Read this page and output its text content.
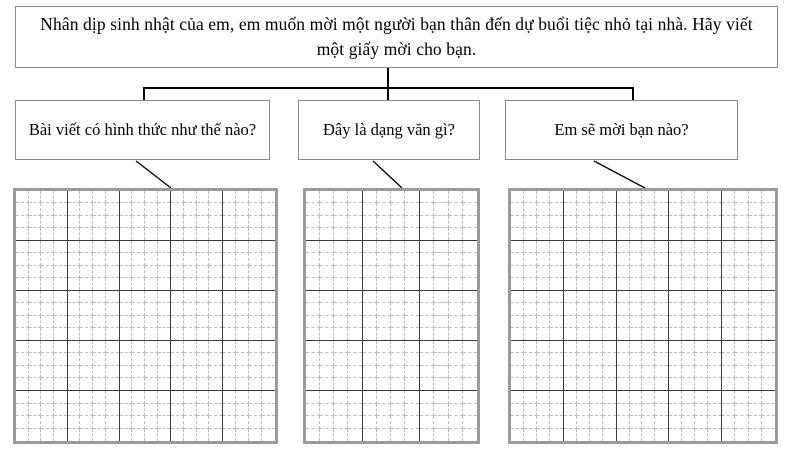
Nhân dịp sinh nhật của em, em muốn mời một người bạn thân đến dự buổi tiệc nhỏ tại nhà. Hãy viết một giấy mời cho bạn.
Bài viết có hình thức như thế nào?	Đây là dạng văn gì?	Em sẽ mời bạn nào?
